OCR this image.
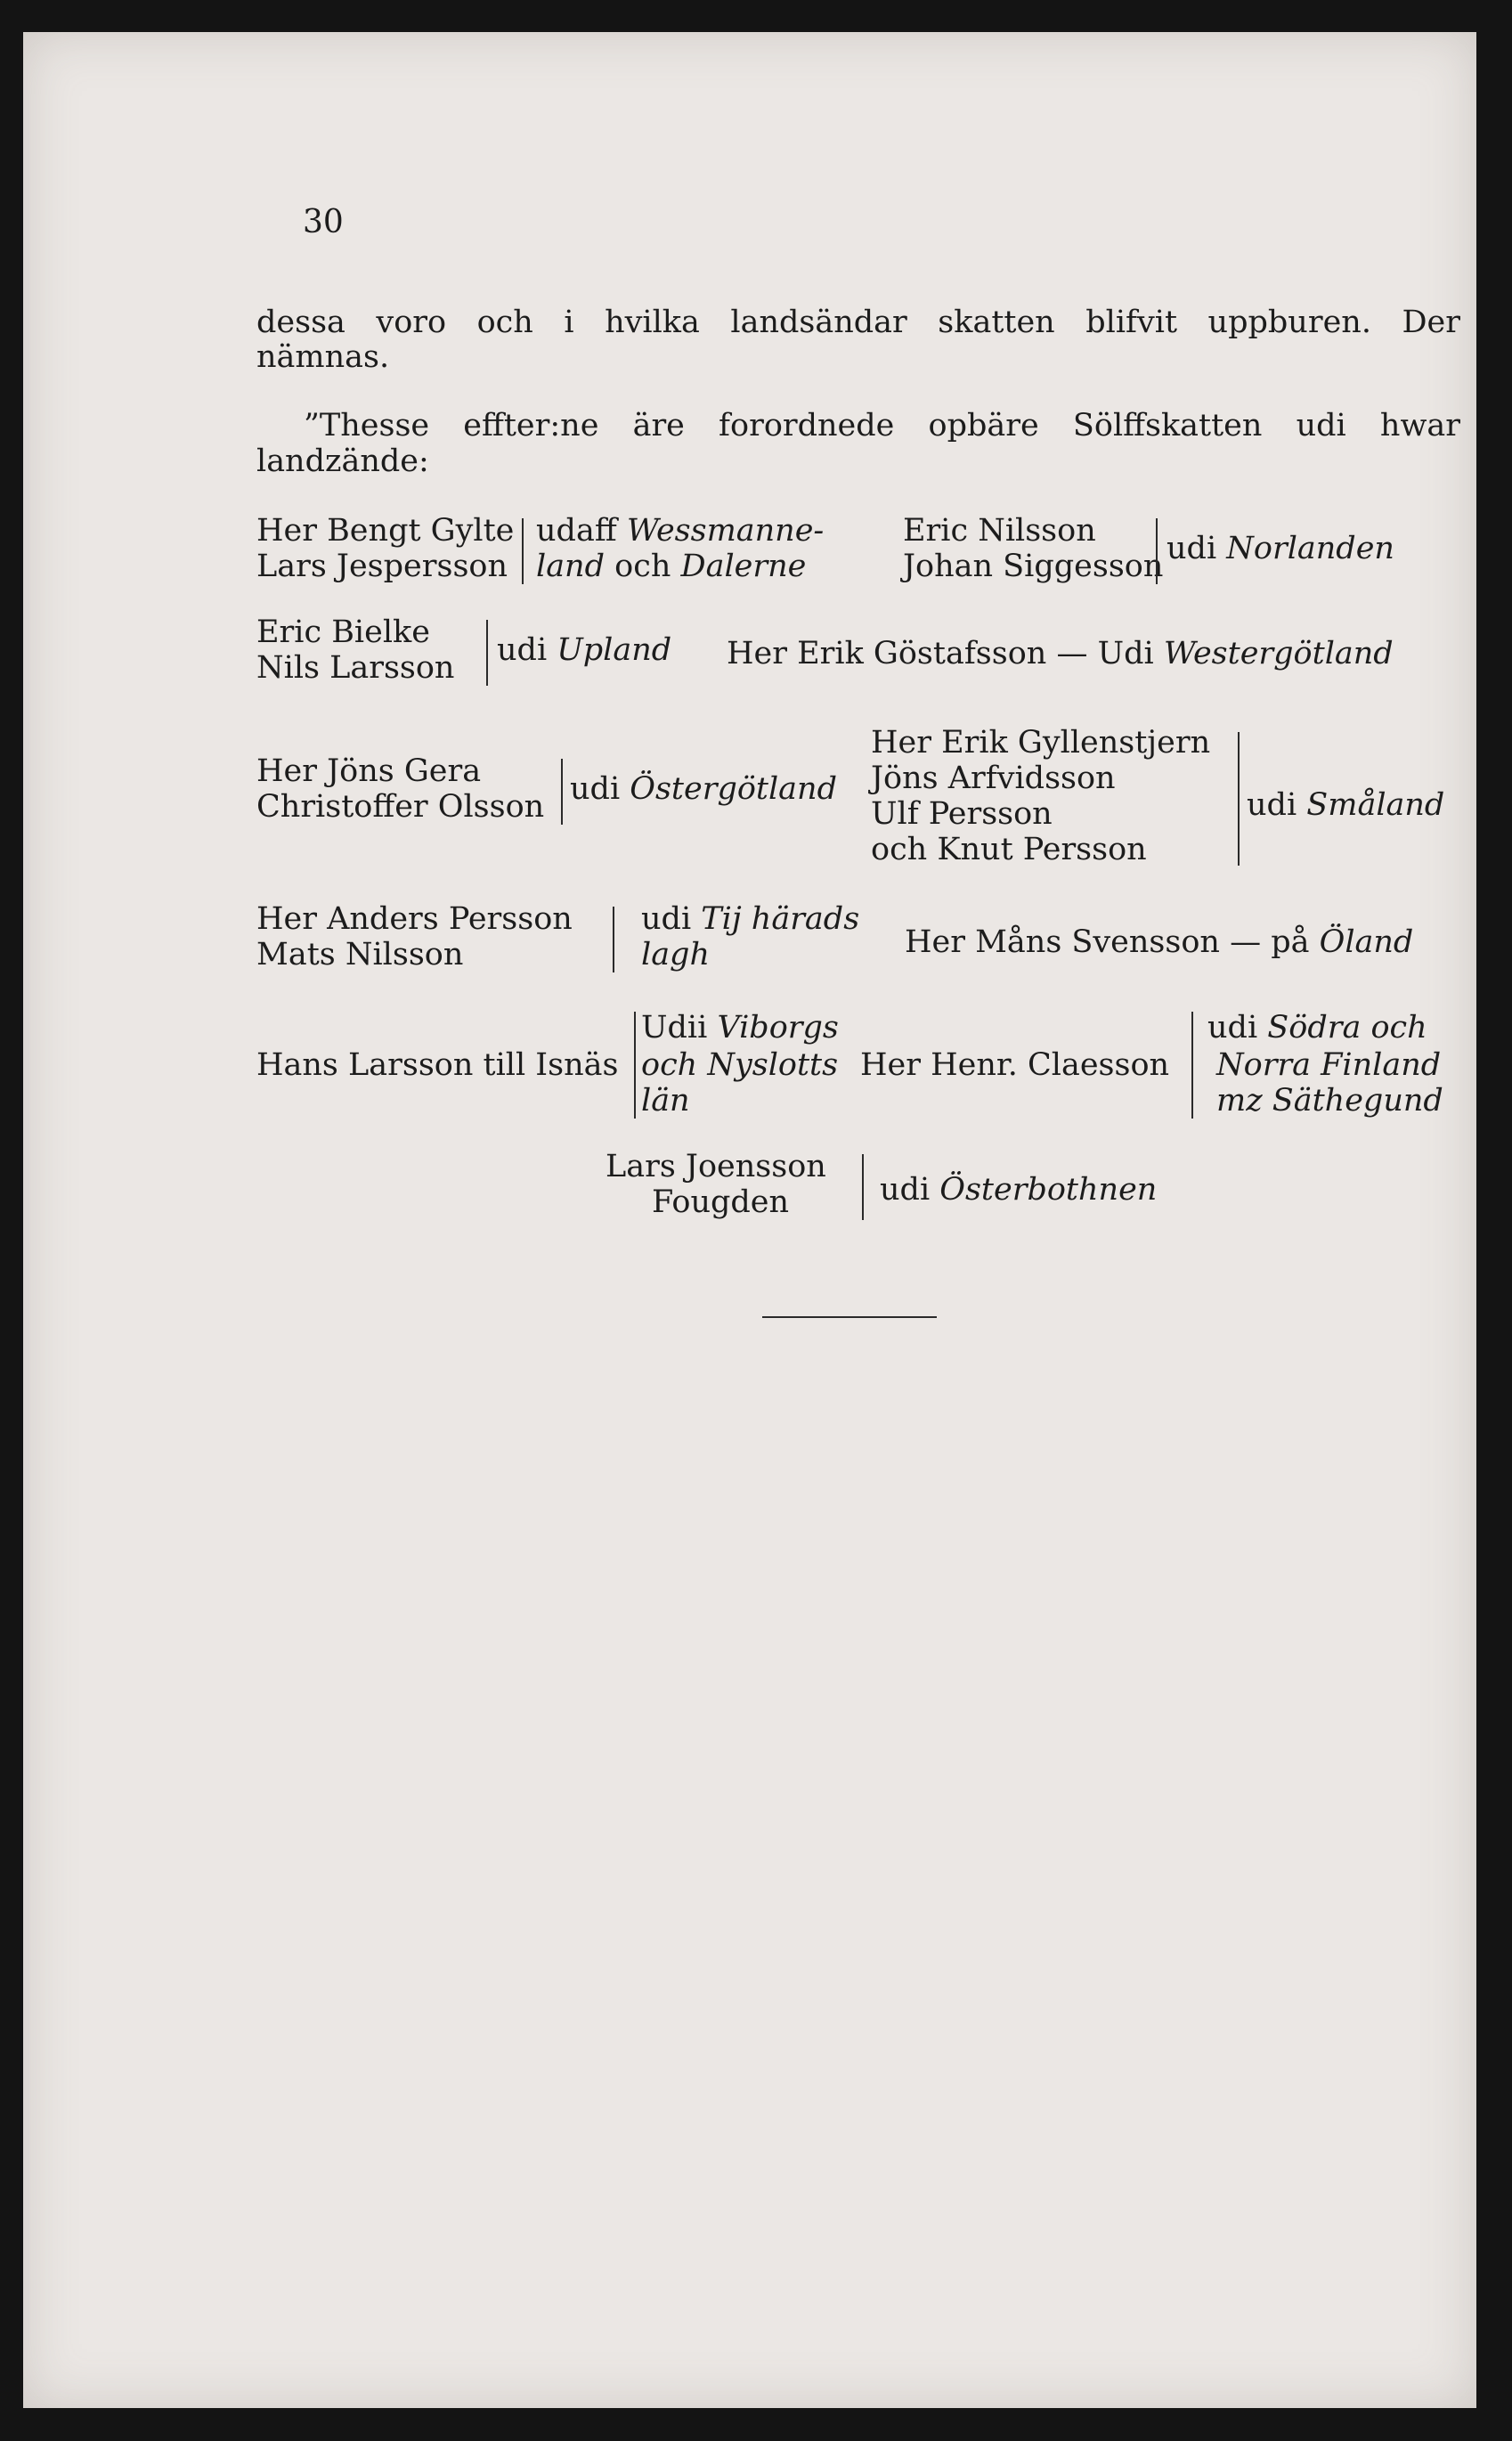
30
dessa voro och i hvilka landsändar skatten blifvit uppburen. Der
nämnas.
”Thesse effter:ne äre forordnede opbäre Sölffskatten udi hwar
landzände:
Her Bengt Gylte
Lars Jespersson
udaff Wessmanne-
land och Dalerne
Eric Nilsson
Johan Siggesson udi Norlanden
Eric Bielke
Nils Larsson udi Upland Her Erik Göstafsson — Udi Westergötland
Her Jöns Gera
Christoffer Olsson udi Östergötland
Her Erik Gyllenstjern
Jöns Arfvidsson
Ulf Persson
och Knut Persson
udi Småland
Her Anders Persson
Mats Nilsson
udi Tij härads
lagh	Her Måns Svensson — på Öland
Hans Larsson till Isnäs
Udii Viborgs
och Nyslotts
län
Her Henr. Claesson
udi Södra och
Norra Finland
mz Säthegund
Lars Joensson
Fougden	udi Österbothnen
